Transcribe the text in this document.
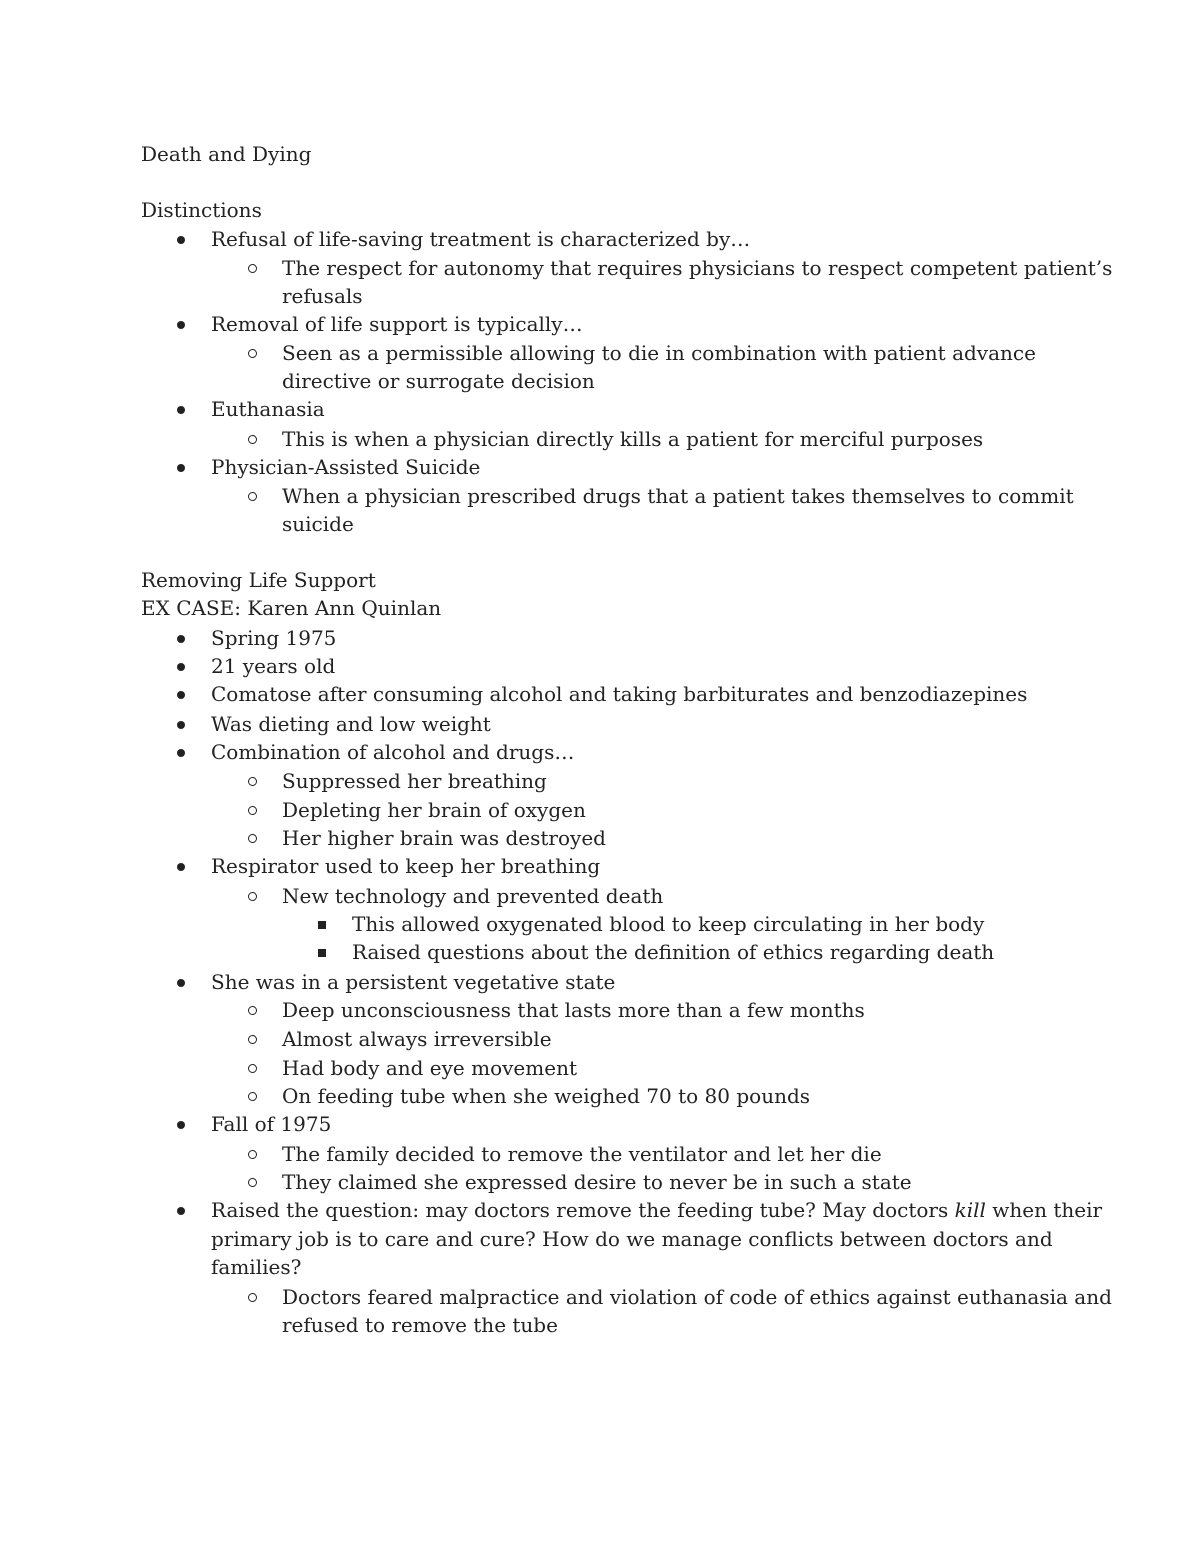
Death and Dying
Distinctions
Refusal of life-saving treatment is characterized by…
The respect for autonomy that requires physicians to respect competent patient’s
refusals
Removal of life support is typically…
Seen as a permissible allowing to die in combination with patient advance
directive or surrogate decision
Euthanasia
This is when a physician directly kills a patient for merciful purposes
Physician-Assisted Suicide
When a physician prescribed drugs that a patient takes themselves to commit
suicide
Removing Life Support
EX CASE: Karen Ann Quinlan
Spring 1975
21 years old
Comatose after consuming alcohol and taking barbiturates and benzodiazepines
Was dieting and low weight
Combination of alcohol and drugs…
Suppressed her breathing
Depleting her brain of oxygen
Her higher brain was destroyed
Respirator used to keep her breathing
New technology and prevented death
This allowed oxygenated blood to keep circulating in her body
Raised questions about the definition of ethics regarding death
She was in a persistent vegetative state
Deep unconsciousness that lasts more than a few months
Almost always irreversible
Had body and eye movement
On feeding tube when she weighed 70 to 80 pounds
Fall of 1975
The family decided to remove the ventilator and let her die
They claimed she expressed desire to never be in such a state
Raised the question: may doctors remove the feeding tube? May doctors kill when their
primary job is to care and cure? How do we manage conflicts between doctors and
families?
Doctors feared malpractice and violation of code of ethics against euthanasia and
refused to remove the tube
